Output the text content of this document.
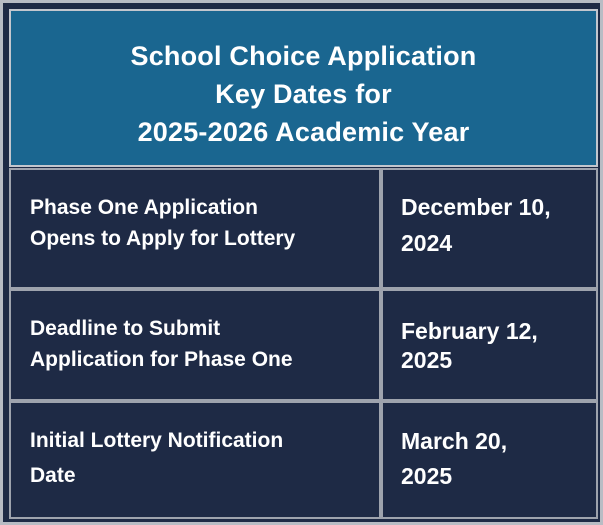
School Choice Application
Key Dates for
2025-2026 Academic Year
Phase One Application
Opens to Apply for Lottery
December 10,
2024
Deadline to Submit
Application for Phase One
February 12,
2025
Initial Lottery Notification
Date
March 20,
2025
